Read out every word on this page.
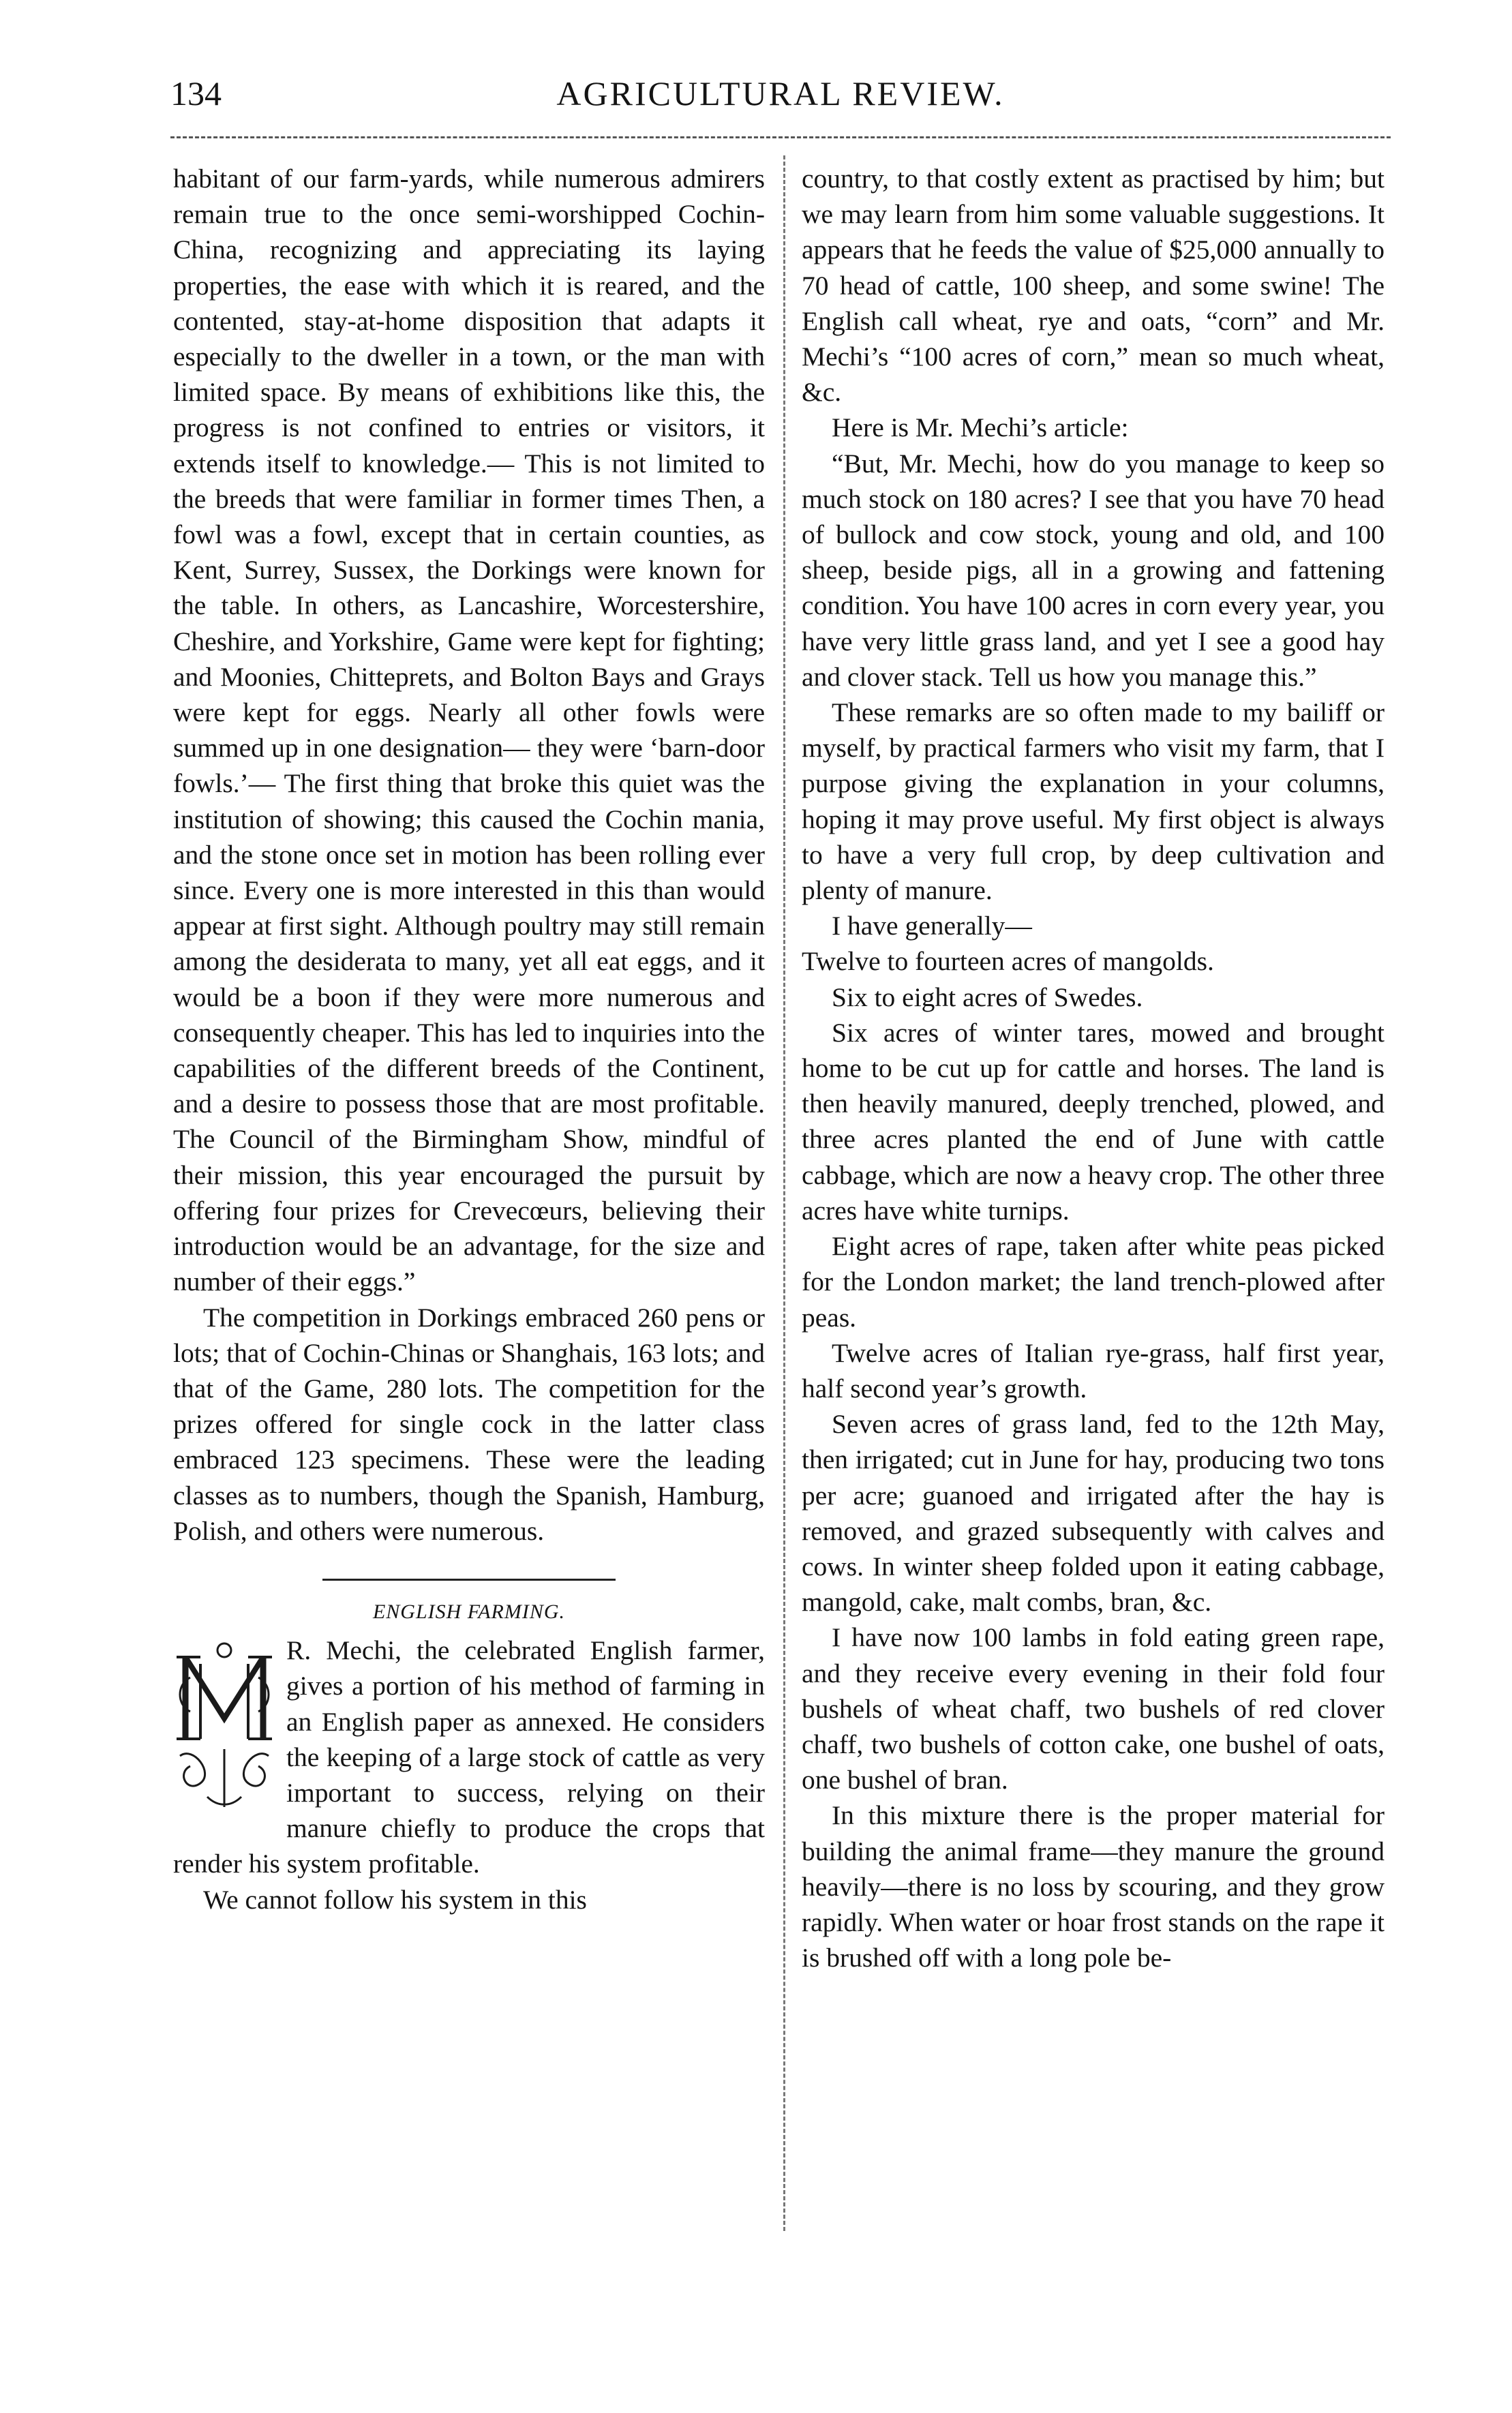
134	AGRICULTURAL REVIEW.

habitant of our farm-yards, while numerous admirers remain true to the once semi-worshipped Cochin-China, recognizing and appreciating its laying properties, the ease with which it is reared, and the contented, stay-at-home disposition that adapts it especially to the dweller in a town, or the man with limited space. By means of exhibitions like this, the progress is not confined to entries or visitors, it extends itself to knowledge.— This is not limited to the breeds that were familiar in former times Then, a fowl was a fowl, except that in certain counties, as Kent, Surrey, Sussex, the Dorkings were known for the table. In others, as Lancashire, Worcestershire, Cheshire, and Yorkshire, Game were kept for fighting; and Moonies, Chitteprets, and Bolton Bays and Grays were kept for eggs. Nearly all other fowls were summed up in one designation— they were ‘barn-door fowls.’— The first thing that broke this quiet was the institution of showing; this caused the Cochin mania, and the stone once set in motion has been rolling ever since. Every one is more interested in this than would appear at first sight. Although poultry may still remain among the desiderata to many, yet all eat eggs, and it would be a boon if they were more numerous and consequently cheaper. This has led to inquiries into the capabilities of the different breeds of the Continent, and a desire to possess those that are most profitable. The Council of the Birmingham Show, mindful of their mission, this year encouraged the pursuit by offering four prizes for Crevecœurs, believing their introduction would be an advantage, for the size and number of their eggs.”

The competition in Dorkings embraced 260 pens or lots; that of Cochin-Chinas or Shanghais, 163 lots; and that of the Game, 280 lots. The competition for the prizes offered for single cock in the latter class embraced 123 specimens. These were the leading classes as to numbers, though the Spanish, Hamburg, Polish, and others were numerous.

ENGLISH FARMING.

R. Mechi, the celebrated English farmer, gives a portion of his method of farming in an English paper as annexed. He considers the keeping of a large stock of cattle as very important to success, relying on their manure chiefly to produce the crops that render his system profitable.

We cannot follow his system in this

country, to that costly extent as practised by him; but we may learn from him some valuable suggestions. It appears that he feeds the value of $25,000 annually to 70 head of cattle, 100 sheep, and some swine! The English call wheat, rye and oats, “corn” and Mr. Mechi’s “100 acres of corn,” mean so much wheat, &c.

Here is Mr. Mechi’s article:

“But, Mr. Mechi, how do you manage to keep so much stock on 180 acres? I see that you have 70 head of bullock and cow stock, young and old, and 100 sheep, beside pigs, all in a growing and fattening condition. You have 100 acres in corn every year, you have very little grass land, and yet I see a good hay and clover stack. Tell us how you manage this.”

These remarks are so often made to my bailiff or myself, by practical farmers who visit my farm, that I purpose giving the explanation in your columns, hoping it may prove useful. My first object is always to have a very full crop, by deep cultivation and plenty of manure.

I have generally—

Twelve to fourteen acres of mangolds.

Six to eight acres of Swedes.

Six acres of winter tares, mowed and brought home to be cut up for cattle and horses. The land is then heavily manured, deeply trenched, plowed, and three acres planted the end of June with cattle cabbage, which are now a heavy crop. The other three acres have white turnips.

Eight acres of rape, taken after white peas picked for the London market; the land trench-plowed after peas.

Twelve acres of Italian rye-grass, half first year, half second year’s growth.

Seven acres of grass land, fed to the 12th May, then irrigated; cut in June for hay, producing two tons per acre; guanoed and irrigated after the hay is removed, and grazed subsequently with calves and cows. In winter sheep folded upon it eating cabbage, mangold, cake, malt combs, bran, &c.

I have now 100 lambs in fold eating green rape, and they receive every evening in their fold four bushels of wheat chaff, two bushels of red clover chaff, two bushels of cotton cake, one bushel of oats, one bushel of bran.

In this mixture there is the proper material for building the animal frame—they manure the ground heavily—there is no loss by scouring, and they grow rapidly. When water or hoar frost stands on the rape it is brushed off with a long pole be-
